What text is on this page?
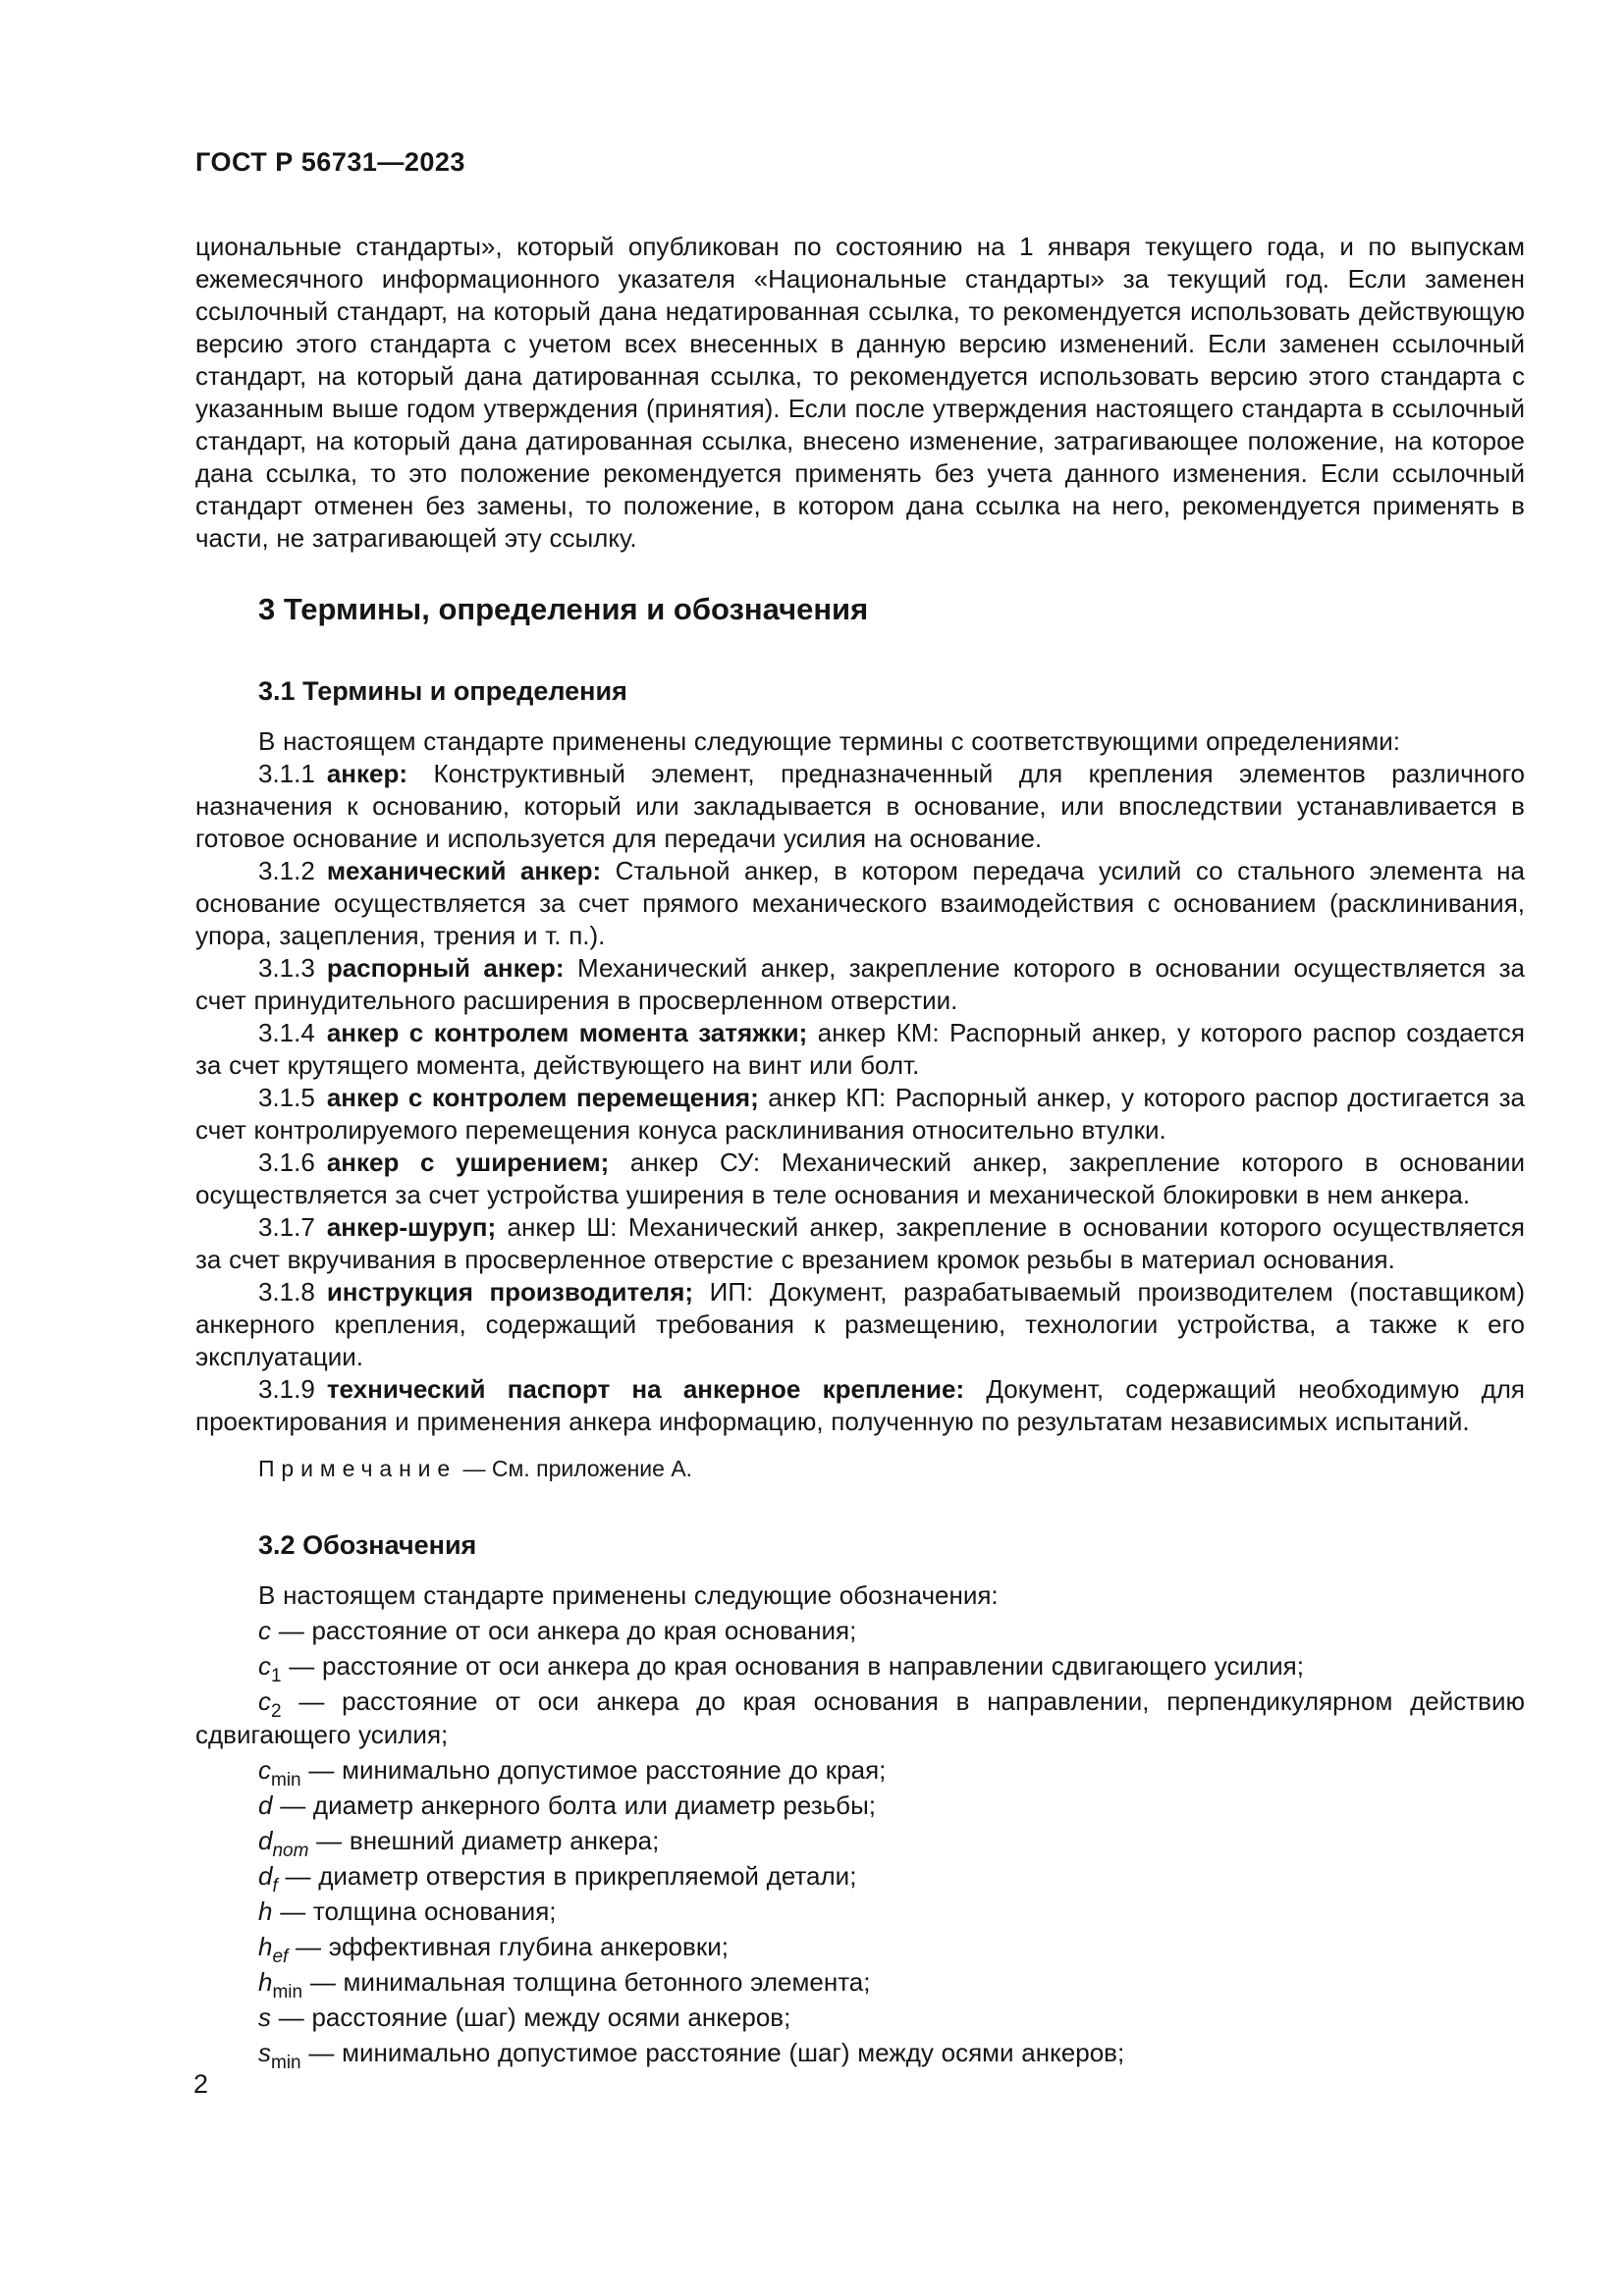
ГОСТ Р 56731—2023

циональные стандарты», который опубликован по состоянию на 1 января текущего года, и по выпускам ежемесячного информационного указателя «Национальные стандарты» за текущий год. Если заменен ссылочный стандарт, на который дана недатированная ссылка, то рекомендуется использовать действующую версию этого стандарта с учетом всех внесенных в данную версию изменений. Если заменен ссылочный стандарт, на который дана датированная ссылка, то рекомендуется использовать версию этого стандарта с указанным выше годом утверждения (принятия). Если после утверждения настоящего стандарта в ссылочный стандарт, на который дана датированная ссылка, внесено изменение, затрагивающее положение, на которое дана ссылка, то это положение рекомендуется применять без учета данного изменения. Если ссылочный стандарт отменен без замены, то положение, в котором дана ссылка на него, рекомендуется применять в части, не затрагивающей эту ссылку.

3 Термины, определения и обозначения
3.1 Термины и определения

В настоящем стандарте применены следующие термины с соответствующими определениями:

3.1.1 анкер: Конструктивный элемент, предназначенный для крепления элементов различного назначения к основанию, который или закладывается в основание, или впоследствии устанавливается в готовое основание и используется для передачи усилия на основание.

3.1.2 механический анкер: Стальной анкер, в котором передача усилий со стального элемента на основание осуществляется за счет прямого механического взаимодействия с основанием (расклинивания, упора, зацепления, трения и т. п.).

3.1.3 распорный анкер: Механический анкер, закрепление которого в основании осуществляется за счет принудительного расширения в просверленном отверстии.

3.1.4 анкер с контролем момента затяжки; анкер КМ: Распорный анкер, у которого распор создается за счет крутящего момента, действующего на винт или болт.

3.1.5 анкер с контролем перемещения; анкер КП: Распорный анкер, у которого распор достигается за счет контролируемого перемещения конуса расклинивания относительно втулки.

3.1.6 анкер с уширением; анкер СУ: Механический анкер, закрепление которого в основании осуществляется за счет устройства уширения в теле основания и механической блокировки в нем анкера.

3.1.7 анкер-шуруп; анкер Ш: Механический анкер, закрепление в основании которого осуществляется за счет вкручивания в просверленное отверстие с врезанием кромок резьбы в материал основания.

3.1.8 инструкция производителя; ИП: Документ, разрабатываемый производителем (поставщиком) анкерного крепления, содержащий требования к размещению, технологии устройства, а также к его эксплуатации.

3.1.9 технический паспорт на анкерное крепление: Документ, содержащий необходимую для проектирования и применения анкера информацию, полученную по результатам независимых испытаний.

Примечание — См. приложение А.

3.2 Обозначения

В настоящем стандарте применены следующие обозначения:

c — расстояние от оси анкера до края основания;

$c_1$ — расстояние от оси анкера до края основания в направлении сдвигающего усилия;

$c_2$ — расстояние от оси анкера до края основания в направлении, перпендикулярном действию сдвигающего усилия;

$c_{min}$ — минимально допустимое расстояние до края;

d — диаметр анкерного болта или диаметр резьбы;

$d_{nom}$ — внешний диаметр анкера;

$d_f$ — диаметр отверстия в прикрепляемой детали;

h — толщина основания;

$h_{ef}$ — эффективная глубина анкеровки;

$h_{min}$ — минимальная толщина бетонного элемента;

s — расстояние (шаг) между осями анкеров;

$s_{min}$ — минимально допустимое расстояние (шаг) между осями анкеров;

2
